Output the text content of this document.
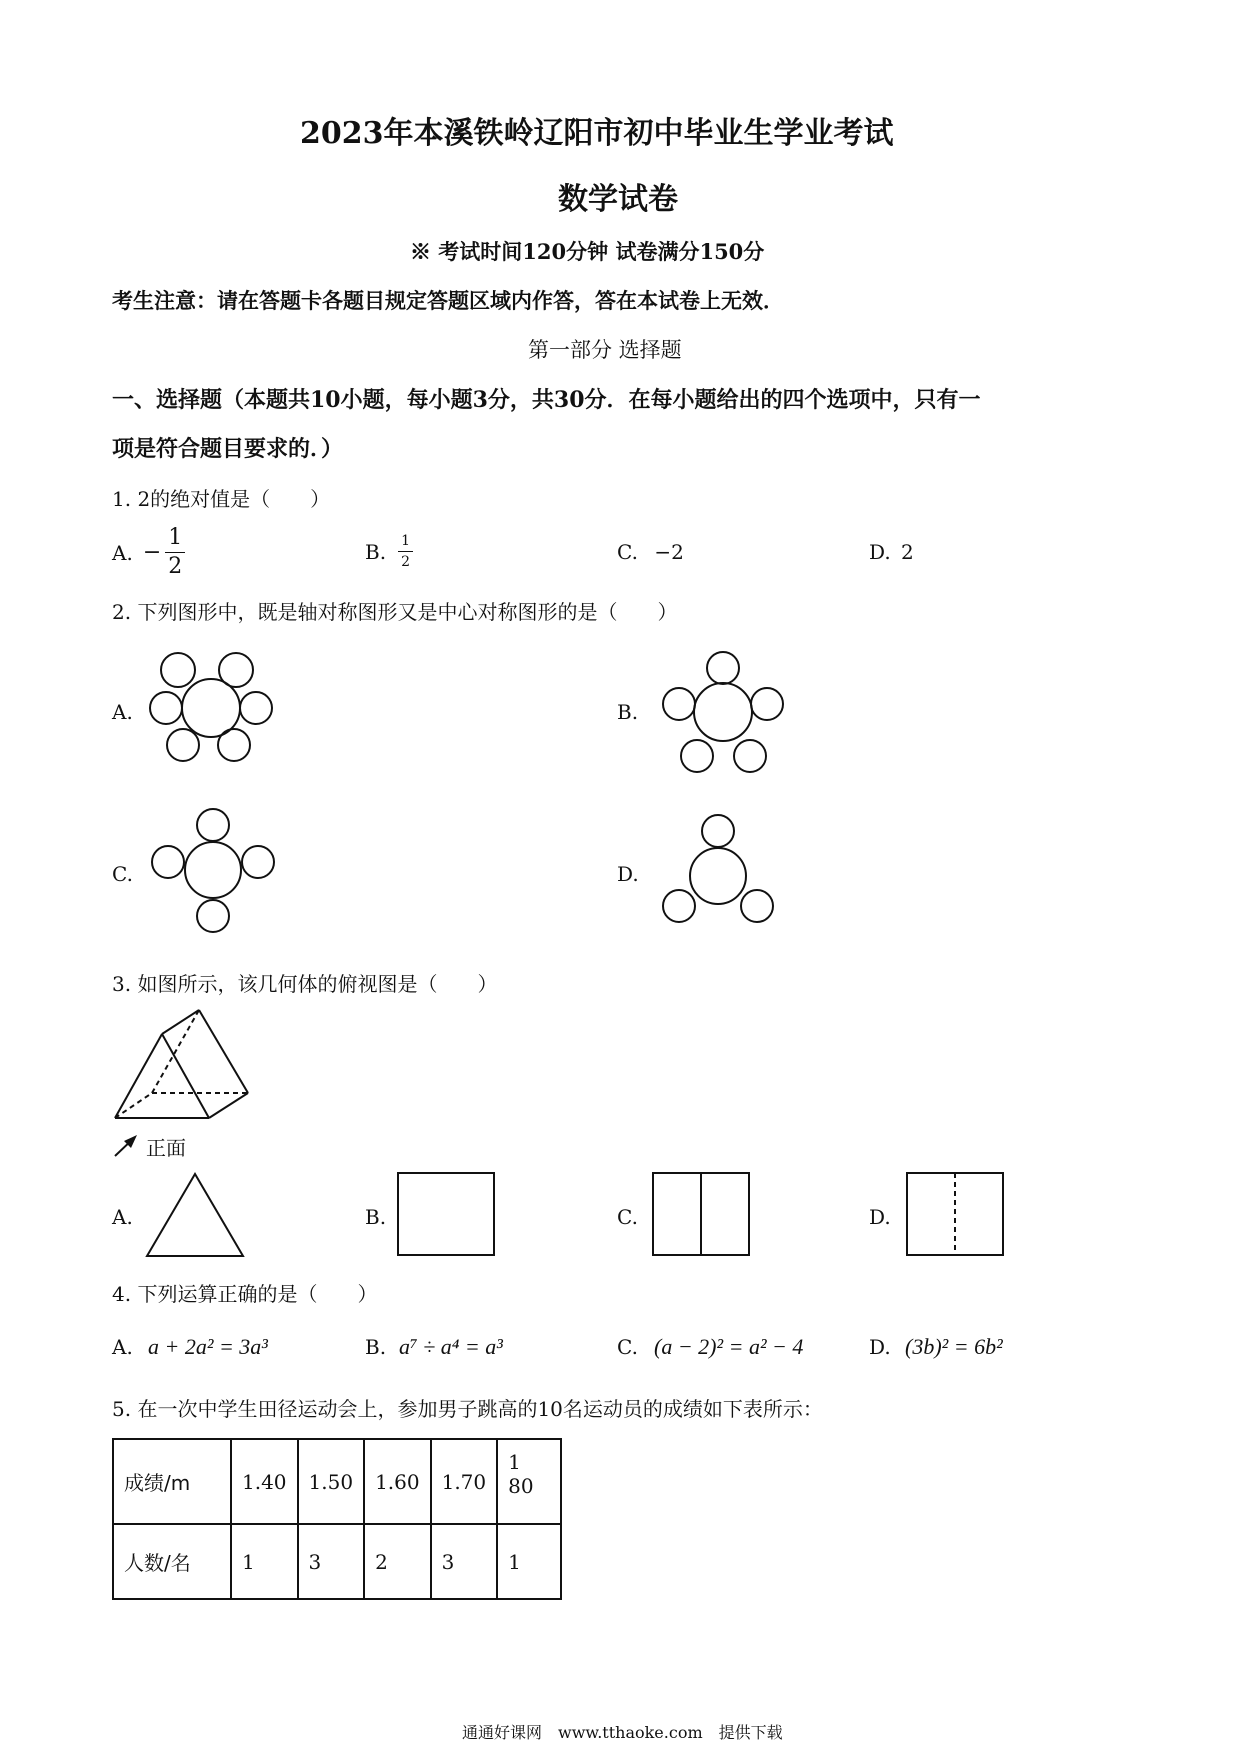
2023年本溪铁岭辽阳市初中毕业生学业考试
数学试卷
※ 考试时间120分钟 试卷满分150分
考生注意：请在答题卡各题目规定答题区域内作答，答在本试卷上无效．
第一部分 选择题
一、选择题（本题共10小题，每小题3分，共30分．在每小题给出的四个选项中，只有一
项是符合题目要求的．）
1. 2的绝对值是（　　）
A. − $\frac{1}{2}$	B. $\frac{1}{2}$	C. −2	D. 2
2. 下列图形中，既是轴对称图形又是中心对称图形的是（　　）
A.	B.
C.	D.
3. 如图所示，该几何体的俯视图是（　　）
正面
A.	B.	C.	D.
4. 下列运算正确的是（　　）
A. a + 2a² = 3a³	B. a⁷ ÷ a⁴ = a³	C. (a − 2)² = a² − 4	D. (3b)² = 6b²
5. 在一次中学生田径运动会上，参加男子跳高的10名运动员的成绩如下表所示：
成绩/m	1.40	1.50	1.60	1.70	1 80
人数/名	1	3	2	3	1
通通好课网　www.tthaoke.com　提供下载
